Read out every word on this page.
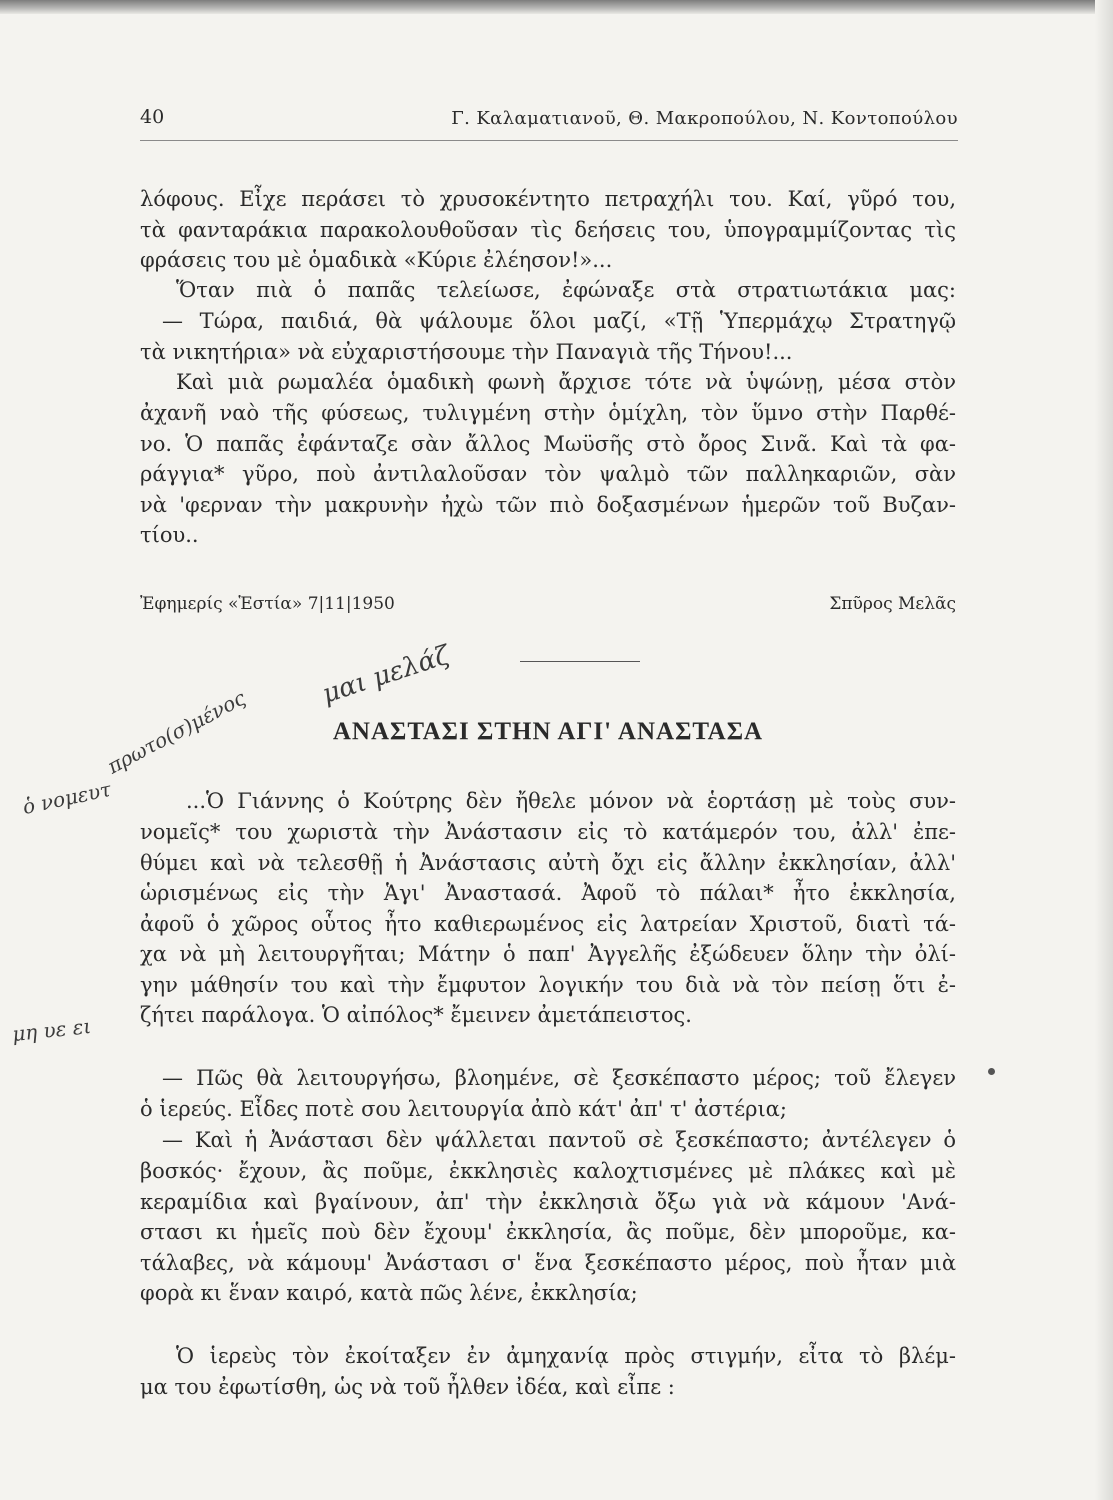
40	Γ. Καλαματιανοῦ, Θ. Μακροπούλου, Ν. Κοντοπούλου
λόφους. Εἶχε περάσει τὸ χρυσοκέντητο πετραχήλι του. Καί, γῦρό του,
τὰ φανταράκια παρακολουθοῦσαν τὶς δεήσεις του, ὑπογραμμίζοντας τὶς
φράσεις του μὲ ὁμαδικὰ «Κύριε ἐλέησον!»...
Ὅταν πιὰ ὁ παπᾶς τελείωσε, ἐφώναξε στὰ στρατιωτάκια μας:
— Τώρα, παιδιά, θὰ ψάλουμε ὅλοι μαζί, «Τῇ Ὑπερμάχῳ Στρατηγῷ
τὰ νικητήρια» νὰ εὐχαριστήσουμε τὴν Παναγιὰ τῆς Τήνου!...
Καὶ μιὰ ρωμαλέα ὁμαδικὴ φωνὴ ἄρχισε τότε νὰ ὑψώνῃ, μέσα στὸν
ἀχανῆ ναὸ τῆς φύσεως, τυλιγμένη στὴν ὁμίχλη, τὸν ὕμνο στὴν Παρθέ-
νο. Ὁ παπᾶς ἐφάνταζε σὰν ἄλλος Μωϋσῆς στὸ ὄρος Σινᾶ. Καὶ τὰ φα-
ράγγια* γῦρο, ποὺ ἀντιλαλοῦσαν τὸν ψαλμὸ τῶν παλληκαριῶν, σὰν
νὰ 'φερναν τὴν μακρυνὴν ἠχὼ τῶν πιὸ δοξασμένων ἡμερῶν τοῦ Βυζαν-
τίου..
Ἐφημερίς «Ἑστία» 7|11|1950	Σπῦρος Μελᾶς
ΑΝΑΣΤΑΣΙ ΣΤΗΝ ΑΓΙ' ΑΝΑΣΤΑΣΑ
...Ὁ Γιάννης ὁ Κούτρης δὲν ἤθελε μόνον νὰ ἑορτάσῃ μὲ τοὺς συν-
νομεῖς* του χωριστὰ τὴν Ἀνάστασιν εἰς τὸ κατάμερόν του, ἀλλ' ἐπε-
θύμει καὶ νὰ τελεσθῇ ἡ Ἀνάστασις αὐτὴ ὄχι εἰς ἄλλην ἐκκλησίαν, ἀλλ'
ὡρισμένως εἰς τὴν Ἁγι' Ἀναστασά. Ἀφοῦ τὸ πάλαι* ἦτο ἐκκλησία,
ἀφοῦ ὁ χῶρος οὗτος ἦτο καθιερωμένος εἰς λατρείαν Χριστοῦ, διατὶ τά-
χα νὰ μὴ λειτουργῆται; Μάτην ὁ παπ' Ἀγγελῆς ἐξώδευεν ὅλην τὴν ὀλί-
γην μάθησίν του καὶ τὴν ἔμφυτον λογικήν του διὰ νὰ τὸν πείσῃ ὅτι ἐ-
ζήτει παράλογα. Ὁ αἰπόλος* ἔμεινεν ἀμετάπειστος.
— Πῶς θὰ λειτουργήσω, βλοημένε, σὲ ξεσκέπαστο μέρος; τοῦ ἔλεγεν
ὁ ἱερεύς. Εἶδες ποτὲ σου λειτουργία ἀπὸ κάτ' ἀπ' τ' ἀστέρια;
— Καὶ ἡ Ἀνάστασι δὲν ψάλλεται παντοῦ σὲ ξεσκέπαστο; ἀντέλεγεν ὁ
βοσκός· ἔχουν, ἂς ποῦμε, ἐκκλησιὲς καλοχτισμένες μὲ πλάκες καὶ μὲ
κεραμίδια καὶ βγαίνουν, ἀπ' τὴν ἐκκλησιὰ ὄξω γιὰ νὰ κάμουν 'Ανά-
στασι κι ἡμεῖς ποὺ δὲν ἔχουμ' ἐκκλησία, ἂς ποῦμε, δὲν μποροῦμε, κα-
τάλαβες, νὰ κάμουμ' Ἀνάστασι σ' ἕνα ξεσκέπαστο μέρος, ποὺ ἦταν μιὰ
φορὰ κι ἕναν καιρό, κατὰ πῶς λένε, ἐκκλησία;
Ὁ ἱερεὺς τὸν ἐκοίταξεν ἐν ἀμηχανίᾳ πρὸς στιγμήν, εἶτα τὸ βλέμ-
μα του ἐφωτίσθη, ὡς νὰ τοῦ ἦλθεν ἰδέα, καὶ εἶπε :
μαι μελάζ
πρωτο(σ)μένος
ὁ νομευτ
μη υε ει
